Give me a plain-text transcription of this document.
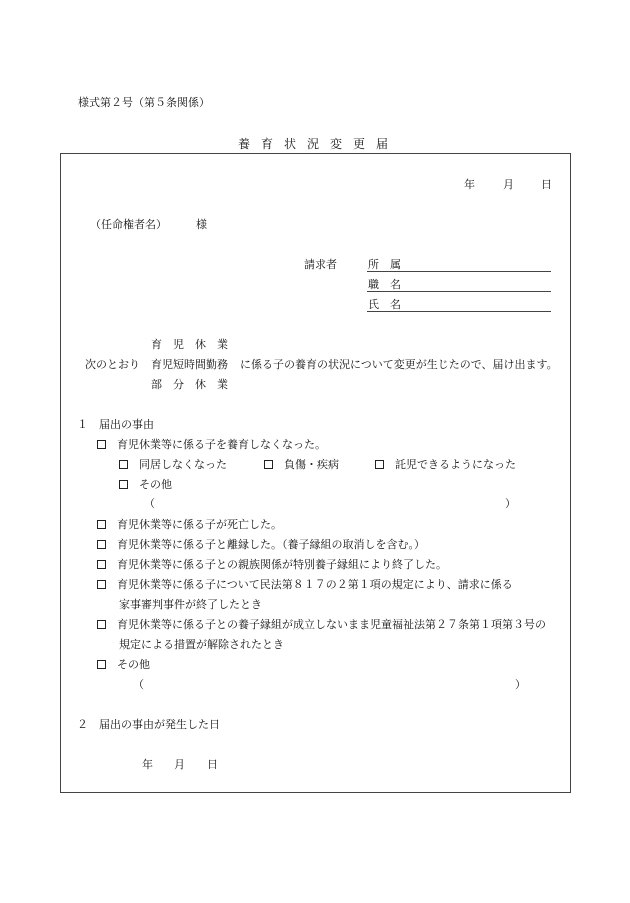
様式第２号（第５条関係）
養育状況変更届
年	月 日
（任命権者名）	様
請求者	所　属
職　名
氏　名
育　児　休　業
次のとおり 育児短時間勤務 に係る子の養育の状況について変更が生じたので、届け出ます。
部　分　休　業
１　届出の事由
　育児休業等に係る子を養育しなくなった。
　同居しなくなった
　	負傷・疾病
　	託児できるようになった
　その他
（	）
　育児休業等に係る子が死亡した。
　育児休業等に係る子と離縁した。（養子縁組の取消しを含む。）
　育児休業等に係る子との親族関係が特別養子縁組により終了した。
　育児休業等に係る子について民法第８１７の２第１項の規定により、請求に係る
家事審判事件が終了したとき
　育児休業等に係る子との養子縁組が成立しないまま児童福祉法第２７条第１項第３号の
規定による措置が解除されたとき
　その他
（	）
２　届出の事由が発生した日
年 月 日
